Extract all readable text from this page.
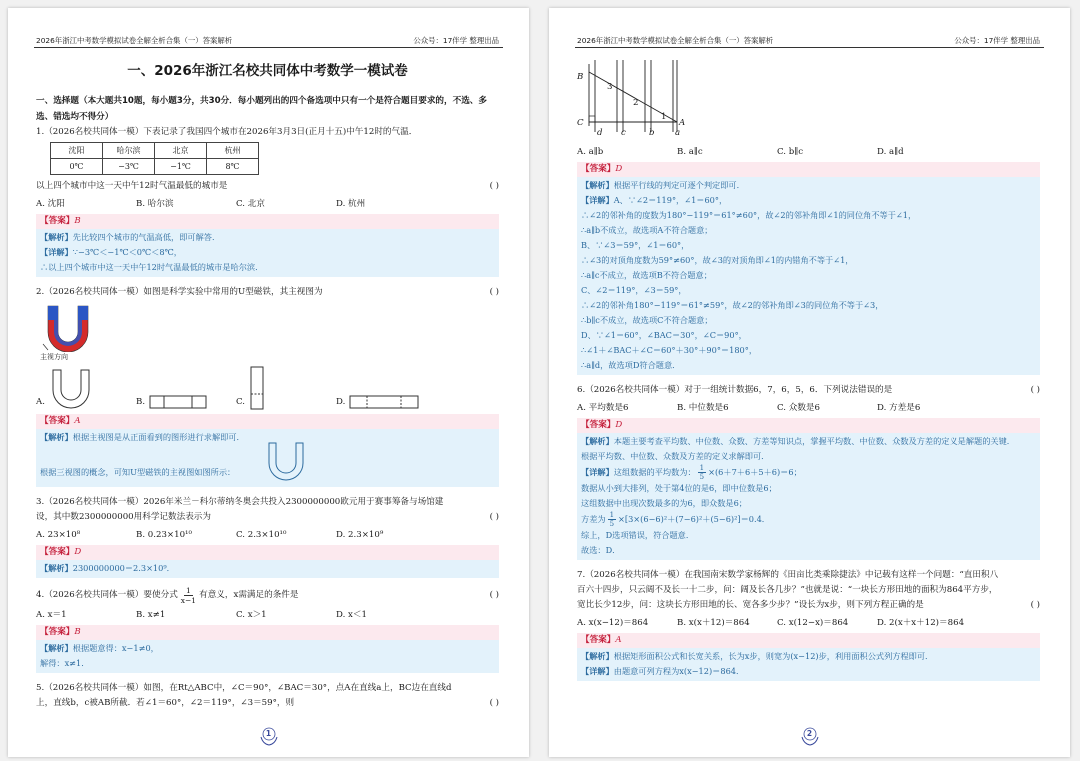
2026年浙江中考数学模拟试卷全解全析合集（一）答案解析	公众号：17伴学 整理出品
一、2026年浙江名校共同体中考数学一模试卷
一、选择题（本大题共10题，每小题3分，共30分．每小题列出的四个备选项中只有一个是符合题目要求的，不选、多选、错选均不得分）
1.（2026名校共同体一模）下表记录了我国四个城市在2026年3月3日(正月十五)中午12时的气温．
沈阳	哈尔滨	北京	杭州
0℃	−3℃	−1℃	8℃
以上四个城市中这一天中午12时气温最低的城市是	( )
A. 沈阳	B. 哈尔滨	C. 北京	D. 杭州
【答案】B
【解析】先比较四个城市的气温高低，即可解答．
【详解】∵−3℃＜−1℃＜0℃＜8℃，
∴以上四个城市中这一天中午12时气温最低的城市是哈尔滨．
2.（2026名校共同体一模）如图是科学实验中常用的U型磁铁，其主视图为	( )
主视方向
A.	B.	C.	D.
【答案】A
【解析】根据主视图是从正面看到的图形进行求解即可．
根据三视图的概念，可知U型磁铁的主视图如图所示：
3.（2026名校共同体一模）2026年米兰－科尔蒂纳冬奥会共投入2300000000欧元用于赛事筹备与场馆建设，其中数2300000000用科学记数法表示为	( )
A. 23×10⁸	B. 0.23×10¹⁰	C. 2.3×10¹⁰	D. 2.3×10⁹
【答案】D
【解析】2300000000＝2.3×10⁹．
4.（2026名校共同体一模）要使分式 1
x−1
有意义，x需满足的条件是	( )
A. x＝1	B. x≠1	C. x＞1	D. x＜1
【答案】B
【解析】根据题意得：x−1≠0，
解得：x≠1．
5.（2026名校共同体一模）如图，在Rt△ABC中，∠C＝90°，∠BAC＝30°，点A在直线a上，BC边在直线d上，直线b，c被AB所截．若∠1＝60°，∠2＝119°，∠3＝59°，则	( )
1
2026年浙江中考数学模拟试卷全解全析合集（一）答案解析	公众号：17伴学 整理出品
B
C	A
1
2
3
d c	b a
A. a∥b	B. a∥c	C. b∥c	D. a∥d
【答案】D
【解析】根据平行线的判定可逐个判定即可．
【详解】A、∵∠2＝119°，∠1＝60°，
∴∠2的邻补角的度数为180°−119°＝61°≠60°，故∠2的邻补角即∠1的同位角不等于∠1，
∴a∥b不成立，故选项A不符合题意；
B、∵∠3＝59°，∠1＝60°，
∴∠3的对顶角度数为59°≠60°，故∠3的对顶角即∠1的内错角不等于∠1，
∴a∥c不成立，故选项B不符合题意；
C、∠2＝119°，∠3＝59°，
∴∠2的邻补角180°−119°＝61°≠59°，故∠2的邻补角即∠3的同位角不等于∠3，
∴b∥c不成立，故选项C不符合题意；
D、∵∠1＝60°，∠BAC＝30°，∠C＝90°，
∴∠1＋∠BAC＋∠C＝60°＋30°＋90°＝180°，
∴a∥d，故选项D符合题意．
6.（2026名校共同体一模）对于一组统计数据6，7，6，5，6．下列说法错误的是	( )
A. 平均数是6	B. 中位数是6	C. 众数是6	D. 方差是6
【答案】D
【解析】本题主要考查平均数、中位数、众数、方差等知识点，掌握平均数、中位数、众数及方差的定义是解题的关键．
根据平均数、中位数、众数及方差的定义求解即可．
【详解】 这组数据的平均数为： $\frac{1}{5} \times(6+7+6+5+6)=6$；
数据从小到大排列，处于第4位的是6，即中位数是6；
这组数据中出现次数最多的为6，即众数是6；
方差为 $\frac{1}{5} \times[3\times(6-6)^2+(7-6)^2+(5-6)^2]=0.4$．
综上，D选项错误，符合题意．
故选：D．
7.（2026名校共同体一模）在我国南宋数学家杨辉的《田亩比类乘除捷法》中记载有这样一个问题：“直田积八百六十四步，只云阔不及长一十二步，问：阔及长各几步？”也就是说：“一块长方形田地的面积为864平方步，宽比长少12步，问：这块长方形田地的长、宽各多少步？”设长为x步，则下列方程正确的是	( )
A. x(x−12)＝864	B. x(x＋12)＝864	C. x(12−x)＝864	D. 2(x＋x＋12)＝864
【答案】A
【解析】根据矩形面积公式和长宽关系，长为x步，则宽为(x−12)步，利用面积公式列方程即可．
【详解】由题意可列方程为x(x−12)＝864．
2
